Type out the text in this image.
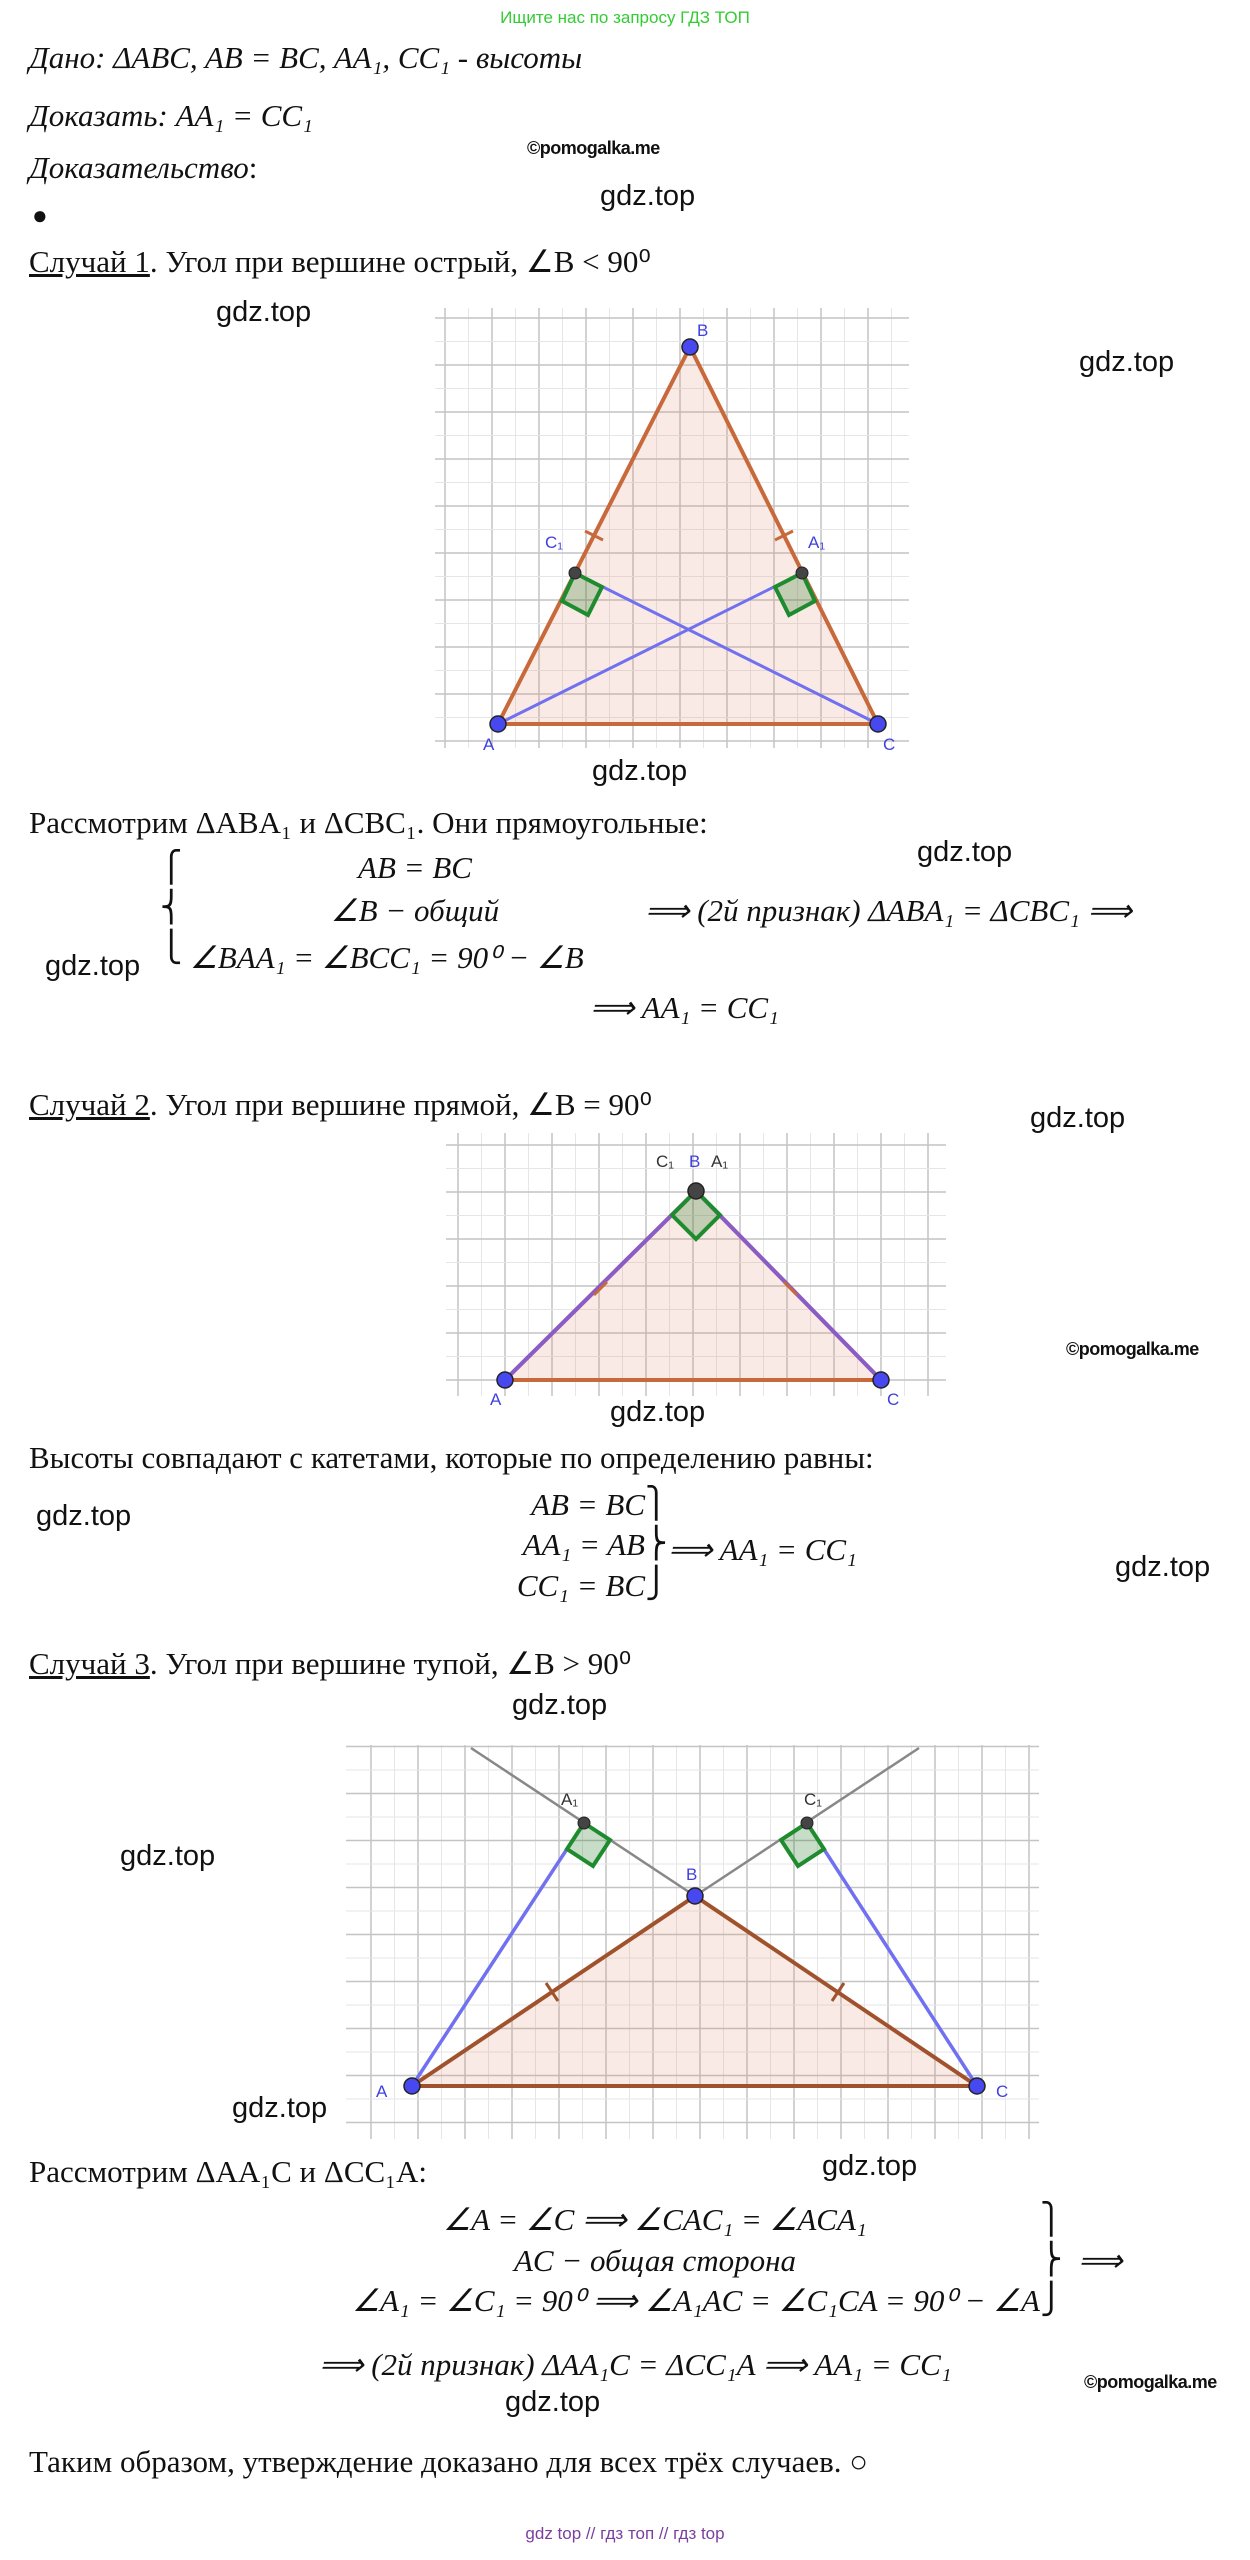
Ищите нас по запросу ГДЗ ТОП
Дано: ΔABC, AB = BC, AA₁, CC₁ - высоты
Доказать: AA₁ = CC₁
©pomogalka.me
Доказательство:
gdz.top
●
Случай 1. Угол при вершине острый, ∠B < 90⁰
gdz.top
gdz.top
A
B
C
C₁	A₁
gdz.top
Рассмотрим ΔABA₁ и ΔCBC₁. Они прямоугольные:
gdz.top
⎧
⎨
⎩
AB = BC
∠B − общий
∠BAA₁ = ∠BCC₁ = 90⁰ − ∠B
gdz.top
⟹ (2й признак) ΔABA₁ = ΔCBC₁ ⟹
⟹ AA₁ = CC₁
Случай 2. Угол при вершине прямой, ∠B = 90⁰	gdz.top
A	C
C₁ B A₁
©pomogalka.me
gdz.top
Высоты совпадают с катетами, которые по определению равны:
gdz.top	AB = BC
AA₁ = AB
CC₁ = BC
⎫
⎬
⎭
⟹ AA₁ = CC₁	gdz.top
Случай 3. Угол при вершине тупой, ∠B > 90⁰
gdz.top
A
B
C
A₁	C₁
gdz.top
gdz.top
Рассмотрим ΔAA₁C и ΔCC₁A:	gdz.top
∠A = ∠C ⟹ ∠CAC₁ = ∠ACA₁
AC − общая сторона
∠A₁ = ∠C₁ = 90⁰ ⟹ ∠A₁AC = ∠C₁CA = 90⁰ − ∠A
⎫
⎬
⎭
⟹
⟹ (2й признак) ΔAA₁C = ΔCC₁A ⟹ AA₁ = CC₁	©pomogalka.me
gdz.top
Таким образом, утверждение доказано для всех трёх случаев. ○
gdz top // гдз топ // гдз top
